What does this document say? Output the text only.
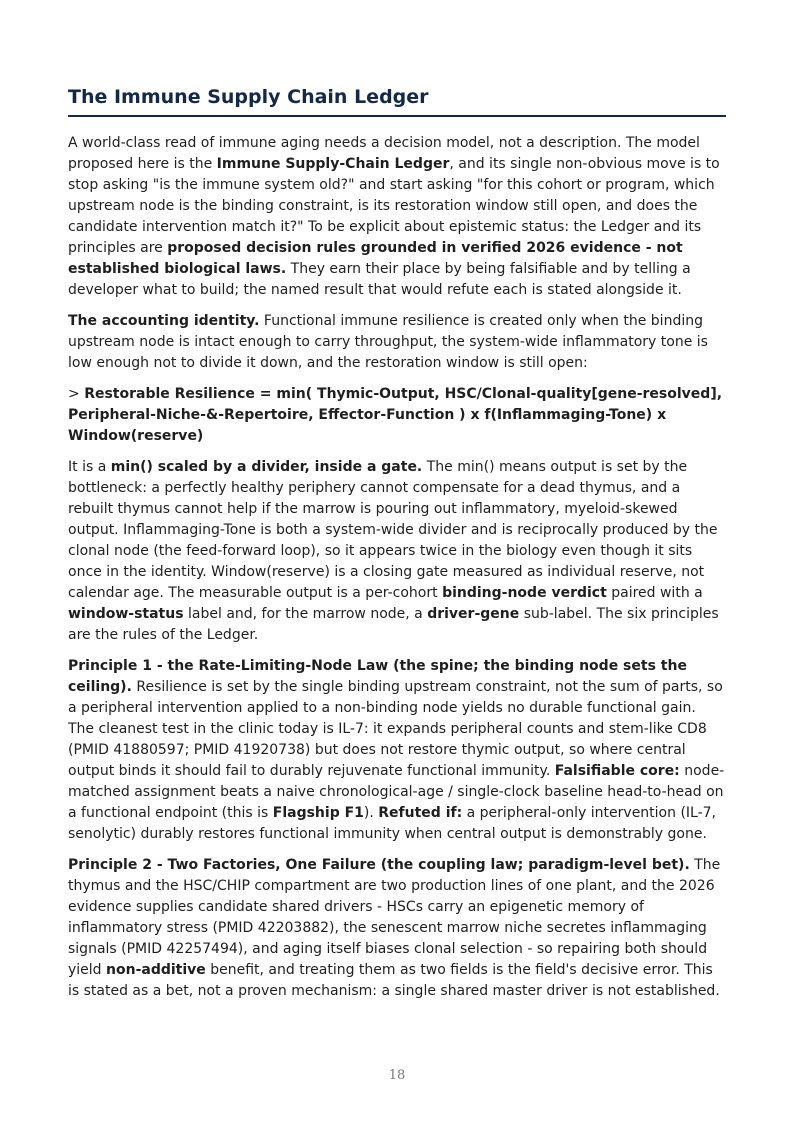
The Immune Supply Chain Ledger

A world-class read of immune aging needs a decision model, not a description. The model proposed here is the Immune Supply-Chain Ledger, and its single non-obvious move is to stop asking "is the immune system old?" and start asking "for this cohort or program, which upstream node is the binding constraint, is its restoration window still open, and does the candidate intervention match it?" To be explicit about epistemic status: the Ledger and its principles are proposed decision rules grounded in verified 2026 evidence - not established biological laws. They earn their place by being falsifiable and by telling a developer what to build; the named result that would refute each is stated alongside it.

The accounting identity. Functional immune resilience is created only when the binding upstream node is intact enough to carry throughput, the system-wide inflammatory tone is low enough not to divide it down, and the restoration window is still open:

> Restorable Resilience = min( Thymic-Output, HSC/Clonal-quality[gene-resolved], Peripheral-Niche-&-Repertoire, Effector-Function ) x f(Inflammaging-Tone) x Window(reserve)

It is a min() scaled by a divider, inside a gate. The min() means output is set by the bottleneck: a perfectly healthy periphery cannot compensate for a dead thymus, and a rebuilt thymus cannot help if the marrow is pouring out inflammatory, myeloid-skewed output. Inflammaging-Tone is both a system-wide divider and is reciprocally produced by the clonal node (the feed-forward loop), so it appears twice in the biology even though it sits once in the identity. Window(reserve) is a closing gate measured as individual reserve, not calendar age. The measurable output is a per-cohort binding-node verdict paired with a window-status label and, for the marrow node, a driver-gene sub-label. The six principles are the rules of the Ledger.

Principle 1 - the Rate-Limiting-Node Law (the spine; the binding node sets the ceiling). Resilience is set by the single binding upstream constraint, not the sum of parts, so a peripheral intervention applied to a non-binding node yields no durable functional gain. The cleanest test in the clinic today is IL-7: it expands peripheral counts and stem-like CD8 (PMID 41880597; PMID 41920738) but does not restore thymic output, so where central output binds it should fail to durably rejuvenate functional immunity. Falsifiable core: node-matched assignment beats a naive chronological-age / single-clock baseline head-to-head on a functional endpoint (this is Flagship F1). Refuted if: a peripheral-only intervention (IL-7, senolytic) durably restores functional immunity when central output is demonstrably gone.

Principle 2 - Two Factories, One Failure (the coupling law; paradigm-level bet). The thymus and the HSC/CHIP compartment are two production lines of one plant, and the 2026 evidence supplies candidate shared drivers - HSCs carry an epigenetic memory of inflammatory stress (PMID 42203882), the senescent marrow niche secretes inflammaging signals (PMID 42257494), and aging itself biases clonal selection - so repairing both should yield non-additive benefit, and treating them as two fields is the field's decisive error. This is stated as a bet, not a proven mechanism: a single shared master driver is not established.

18
